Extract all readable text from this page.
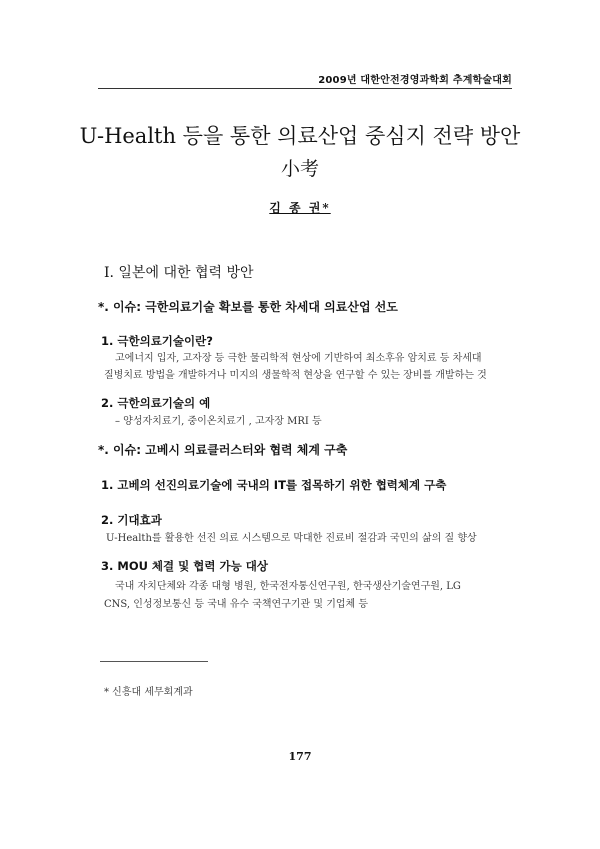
2009년 대한안전경영과학회 추계학술대회
U-Health 등을 통한 의료산업 중심지 전략 방안
小考
김 종 권*
Ⅰ. 일본에 대한 협력 방안
*. 이슈: 극한의료기술 확보를 통한 차세대 의료산업 선도
1. 극한의료기술이란?
고에너지 입자, 고자장 등 극한 물리학적 현상에 기반하여 최소후유 암치료 등 차세대
질병치료 방법을 개발하거나 미지의 생물학적 현상을 연구할 수 있는 장비를 개발하는 것
2. 극한의료기술의 예
– 양성자치료기, 중이온치료기 , 고자장 MRI 등
*. 이슈: 고베시 의료클러스터와 협력 체계 구축
1. 고베의 선진의료기술에 국내의 IT를 접목하기 위한 협력체계 구축
2. 기대효과
U-Health를 활용한 선진 의료 시스템으로 막대한 진료비 절감과 국민의 삶의 질 향상
3. MOU 체결 및 협력 가능 대상
국내 자치단체와 각종 대형 병원, 한국전자통신연구원, 한국생산기술연구원, LG
CNS, 인성정보통신 등 국내 유수 국책연구기관 및 기업체 등
* 신흥대 세무회계과
177
